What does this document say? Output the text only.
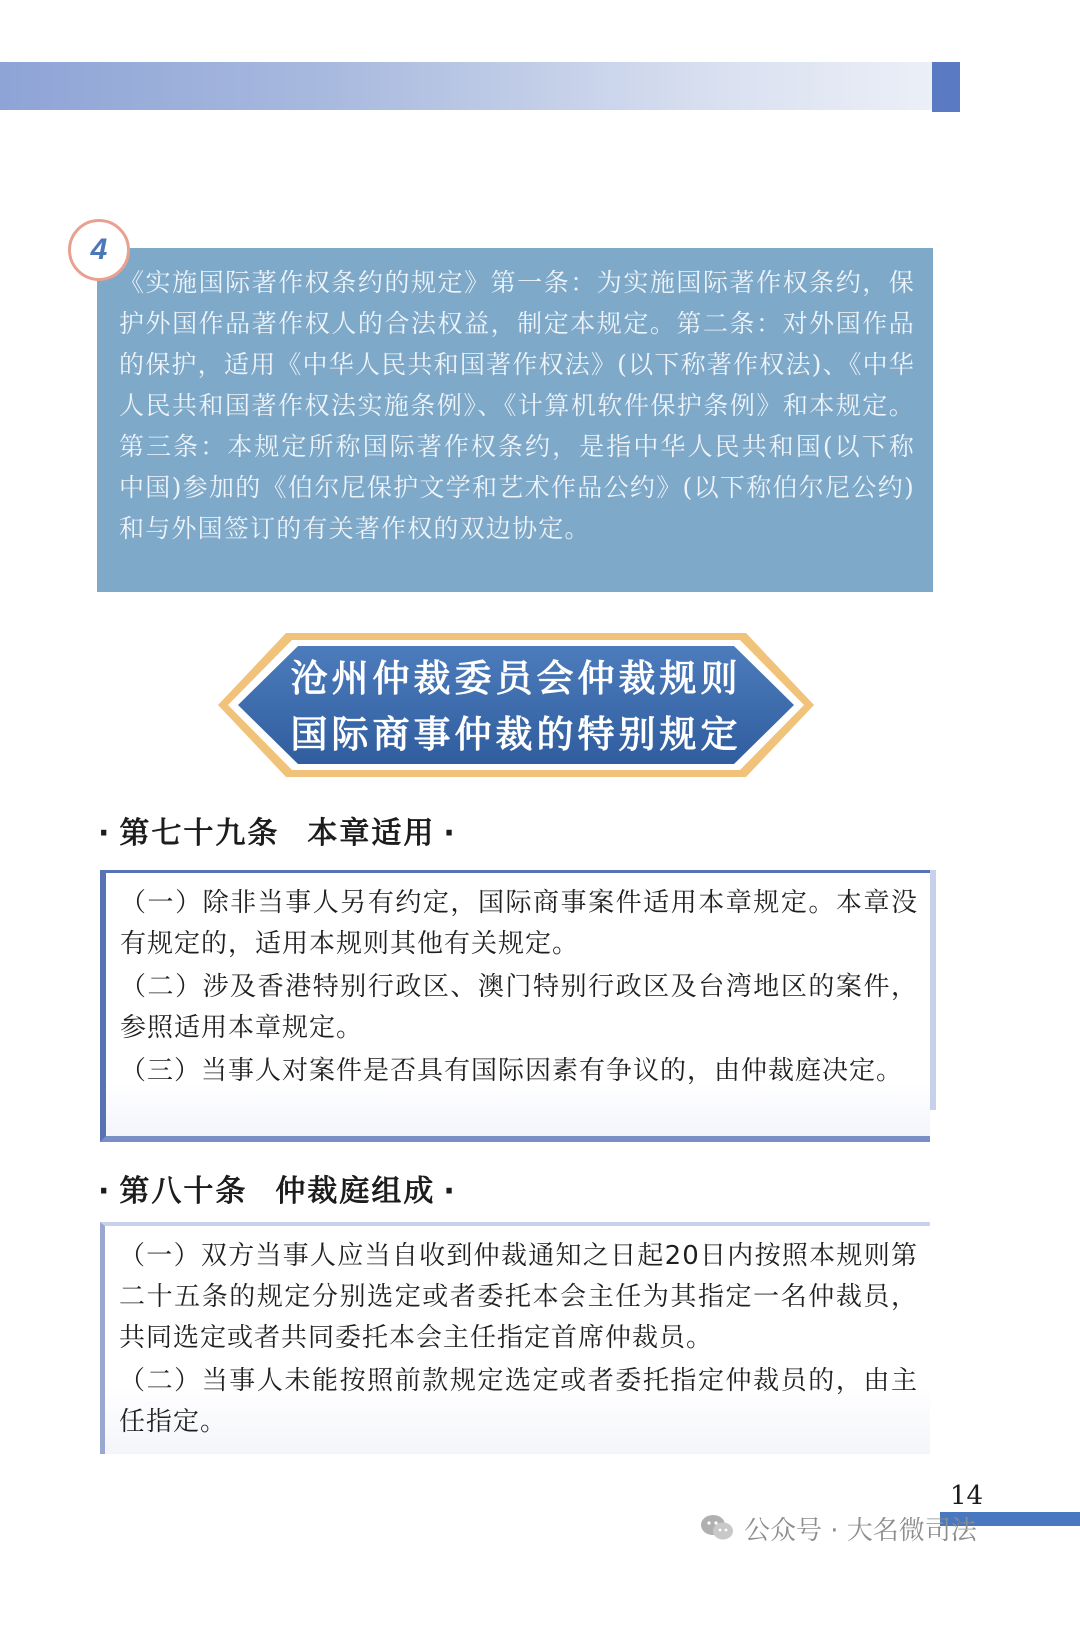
《实施国际著作权条约的规定》第一条：为实施国际著作权条约，保护外国作品著作权人的合法权益，制定本规定。第二条：对外国作品的保护，适用《中华人民共和国著作权法》(以下称著作权法)、《中华人民共和国著作权法实施条例》、《计算机软件保护条例》和本规定。第三条：本规定所称国际著作权条约，是指中华人民共和国(以下称中国)参加的《伯尔尼保护文学和艺术作品公约》(以下称伯尔尼公约)和与外国签订的有关著作权的双边协定。

4
沧州仲裁委员会仲裁规则
国际商事仲裁的特别规定
· 第七十九条 本章适用 ·

（一）除非当事人另有约定，国际商事案件适用本章规定。本章没有规定的，适用本规则其他有关规定。

（二）涉及香港特别行政区、澳门特别行政区及台湾地区的案件，参照适用本章规定。

（三）当事人对案件是否具有国际因素有争议的，由仲裁庭决定。

· 第八十条 仲裁庭组成 ·

（一）双方当事人应当自收到仲裁通知之日起20日内按照本规则第二十五条的规定分别选定或者委托本会主任为其指定一名仲裁员，共同选定或者共同委托本会主任指定首席仲裁员。

（二）当事人未能按照前款规定选定或者委托指定仲裁员的，由主任指定。

14
公众号 · 大名微司法
